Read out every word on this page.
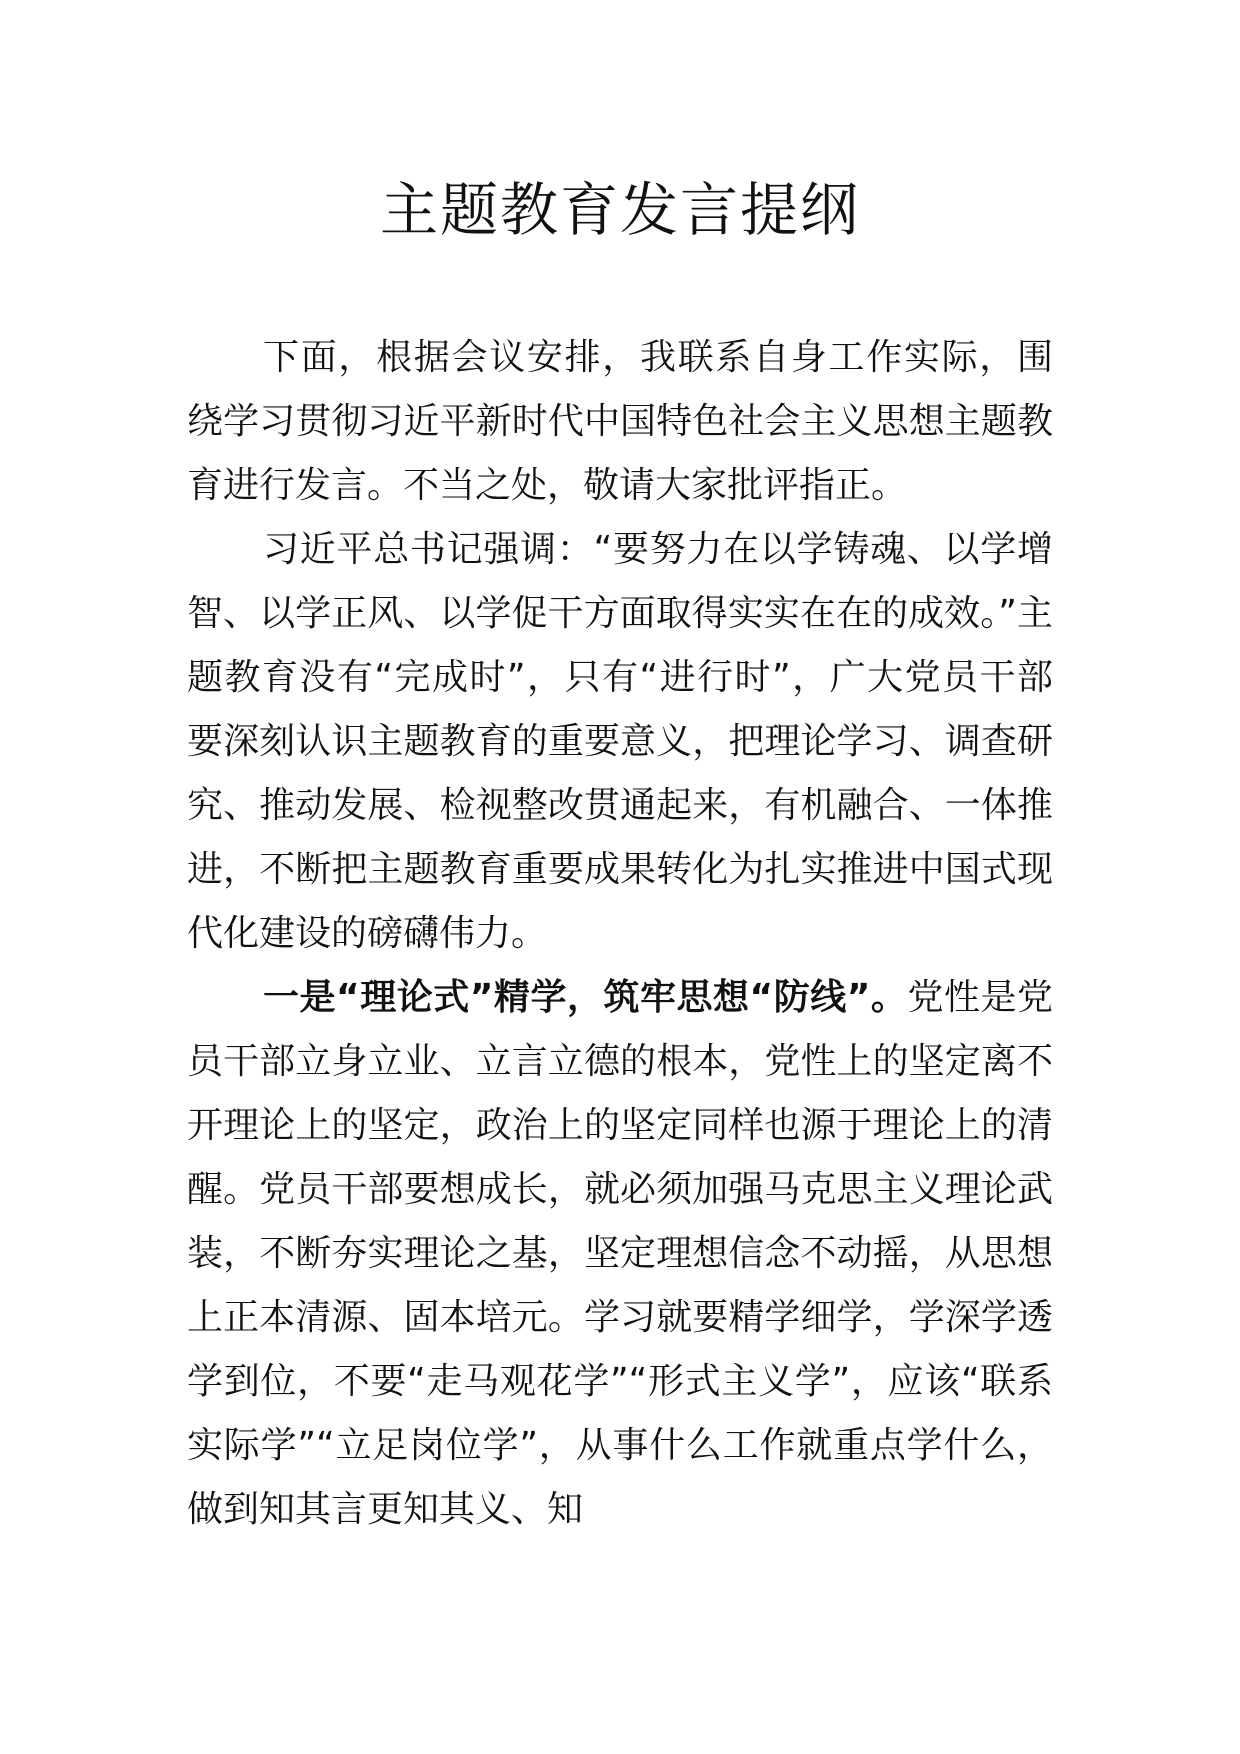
主题教育发言提纲

下面，根据会议安排，我联系自身工作实际，围绕学习贯彻习近平新时代中国特色社会主义思想主题教育进行发言。不当之处，敬请大家批评指正。

习近平总书记强调：“要努力在以学铸魂、以学增智、以学正风、以学促干方面取得实实在在的成效。”主题教育没有“完成时”，只有“进行时”，广大党员干部要深刻认识主题教育的重要意义，把理论学习、调查研究、推动发展、检视整改贯通起来，有机融合、一体推进，不断把主题教育重要成果转化为扎实推进中国式现代化建设的磅礴伟力。

一是“理论式”精学，筑牢思想“防线”。党性是党员干部立身立业、立言立德的根本，党性上的坚定离不开理论上的坚定，政治上的坚定同样也源于理论上的清醒。党员干部要想成长，就必须加强马克思主义理论武装，不断夯实理论之基，坚定理想信念不动摇，从思想上正本清源、固本培元。学习就要精学细学，学深学透学到位，不要“走马观花学”“形式主义学”，应该“联系实际学”“立足岗位学”，从事什么工作就重点学什么，做到知其言更知其义、知
